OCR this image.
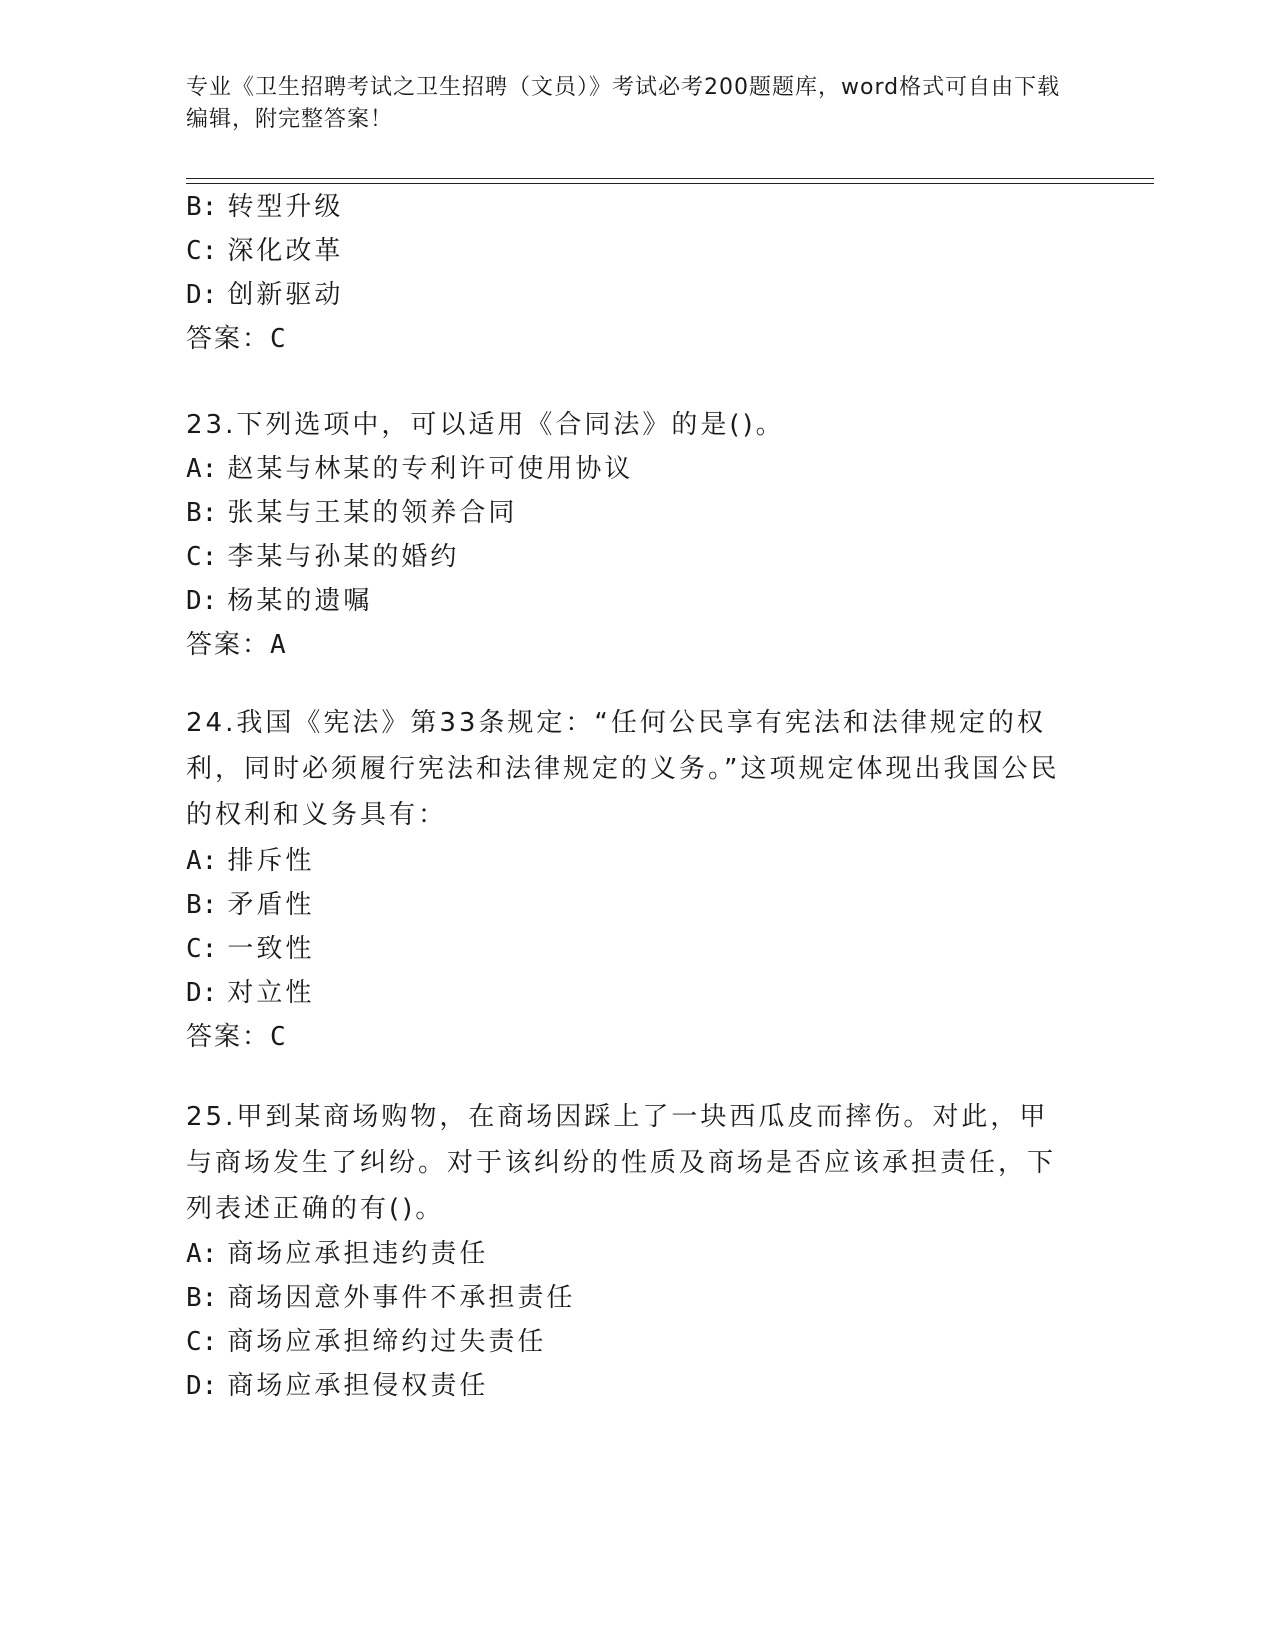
专业《卫生招聘考试之卫生招聘（文员）》考试必考200题题库，word格式可自由下载编辑，附完整答案！
B: 转型升级
C: 深化改革
D: 创新驱动
答案：C
23.下列选项中，可以适用《合同法》的是()。
A: 赵某与林某的专利许可使用协议
B: 张某与王某的领养合同
C: 李某与孙某的婚约
D: 杨某的遗嘱
答案：A
24.我国《宪法》第33条规定：“任何公民享有宪法和法律规定的权利，同时必须履行宪法和法律规定的义务。”这项规定体现出我国公民的权利和义务具有：
A: 排斥性
B: 矛盾性
C: 一致性
D: 对立性
答案：C
25.甲到某商场购物，在商场因踩上了一块西瓜皮而摔伤。对此，甲与商场发生了纠纷。对于该纠纷的性质及商场是否应该承担责任，下列表述正确的有()。
A: 商场应承担违约责任
B: 商场因意外事件不承担责任
C: 商场应承担缔约过失责任
D: 商场应承担侵权责任
